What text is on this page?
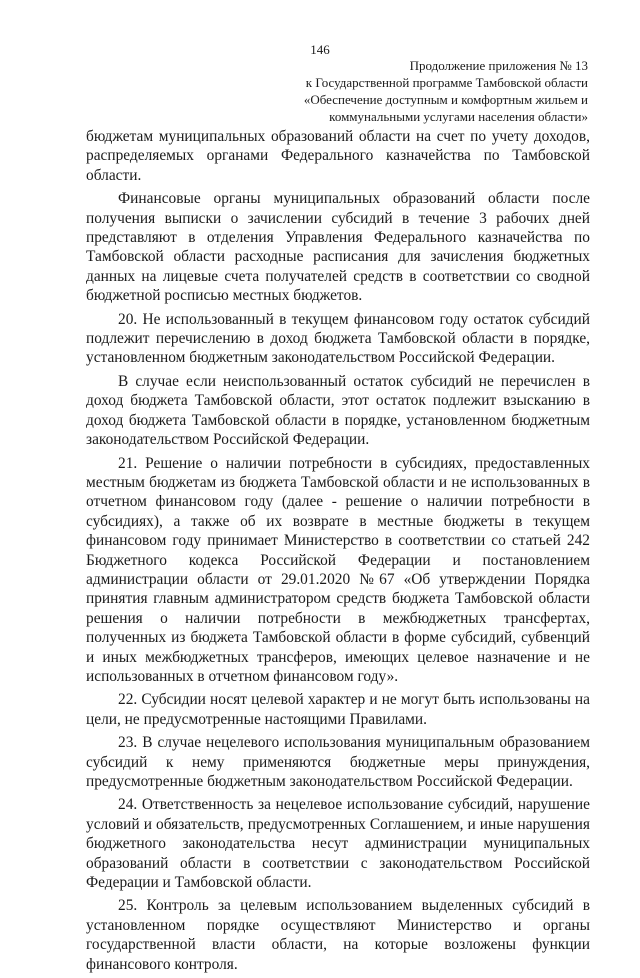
146
Продолжение приложения № 13
к Государственной программе Тамбовской области
«Обеспечение доступным и комфортным жильем и
коммунальными услугами населения области»

бюджетам муниципальных образований области на счет по учету доходов, распределяемых органами Федерального казначейства по Тамбовской области.

Финансовые органы муниципальных образований области после получения выписки о зачислении субсидий в течение 3 рабочих дней представляют в отделения Управления Федерального казначейства по Тамбовской области расходные расписания для зачисления бюджетных данных на лицевые счета получателей средств в соответствии со сводной бюджетной росписью местных бюджетов.

20. Не использованный в текущем финансовом году остаток субсидий подлежит перечислению в доход бюджета Тамбовской области в порядке, установленном бюджетным законодательством Российской Федерации.

В случае если неиспользованный остаток субсидий не перечислен в доход бюджета Тамбовской области, этот остаток подлежит взысканию в доход бюджета Тамбовской области в порядке, установленном бюджетным законодательством Российской Федерации.

21. Решение о наличии потребности в субсидиях, предоставленных местным бюджетам из бюджета Тамбовской области и не использованных в отчетном финансовом году (далее - решение о наличии потребности в субсидиях), а также об их возврате в местные бюджеты в текущем финансовом году принимает Министерство в соответствии со статьей 242 Бюджетного кодекса Российской Федерации и постановлением администрации области от 29.01.2020 №67 «Об утверждении Порядка принятия главным администратором средств бюджета Тамбовской области решения о наличии потребности в межбюджетных трансфертах, полученных из бюджета Тамбовской области в форме субсидий, субвенций и иных межбюджетных трансферов, имеющих целевое назначение и не использованных в отчетном финансовом году».

22. Субсидии носят целевой характер и не могут быть использованы на цели, не предусмотренные настоящими Правилами.

23. В случае нецелевого использования муниципальным образованием субсидий к нему применяются бюджетные меры принуждения, предусмотренные бюджетным законодательством Российской Федерации.

24. Ответственность за нецелевое использование субсидий, нарушение условий и обязательств, предусмотренных Соглашением, и иные нарушения бюджетного законодательства несут администрации муниципальных образований области в соответствии с законодательством Российской Федерации и Тамбовской области.

25. Контроль за целевым использованием выделенных субсидий в установленном порядке осуществляют Министерство и органы государственной власти области, на которые возложены функции финансового контроля.
